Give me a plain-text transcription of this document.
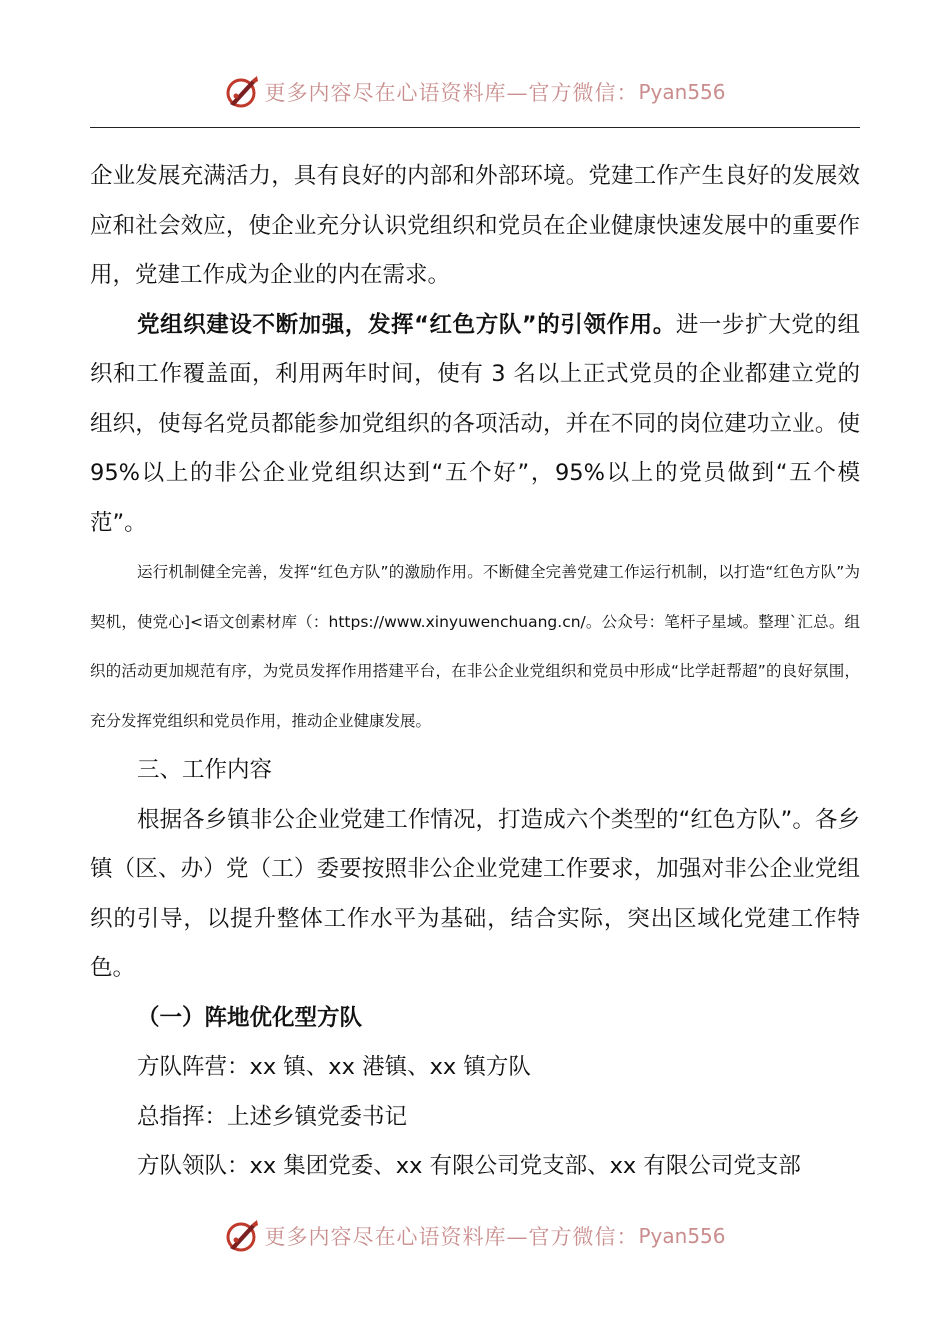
更多内容尽在心语资料库—官方微信： Pyan556

企业发展充满活力，具有良好的内部和外部环境。党建工作产生良好的发展效应和社会效应，使企业充分认识党组织和党员在企业健康快速发展中的重要作用，党建工作成为企业的内在需求。

党组织建设不断加强，发挥“红色方队”的引领作用。进一步扩大党的组织和工作覆盖面，利用两年时间，使有 3 名以上正式党员的企业都建立党的组织，使每名党员都能参加党组织的各项活动，并在不同的岗位建功立业。使 95%以上的非公企业党组织达到“五个好”，95%以上的党员做到“五个模范”。

运行机制健全完善，发挥“红色方队”的激励作用。不断健全完善党建工作运行机制，以打造“红色方队”为契机，使党心]<语文创素材库（：https://www.xinyuwenchuang.cn/。公众号：笔杆子星域。整理`汇总。组织的活动更加规范有序，为党员发挥作用搭建平台，在非公企业党组织和党员中形成“比学赶帮超”的良好氛围，充分发挥党组织和党员作用，推动企业健康发展。

三、工作内容

根据各乡镇非公企业党建工作情况，打造成六个类型的“红色方队”。各乡镇（区、办）党（工）委要按照非公企业党建工作要求，加强对非公企业党组织的引导，以提升整体工作水平为基础，结合实际，突出区域化党建工作特色。

（一）阵地优化型方队

方队阵营：xx 镇、xx 港镇、xx 镇方队

总指挥：上述乡镇党委书记

方队领队：xx 集团党委、xx 有限公司党支部、xx 有限公司党支部

更多内容尽在心语资料库—官方微信： Pyan556
